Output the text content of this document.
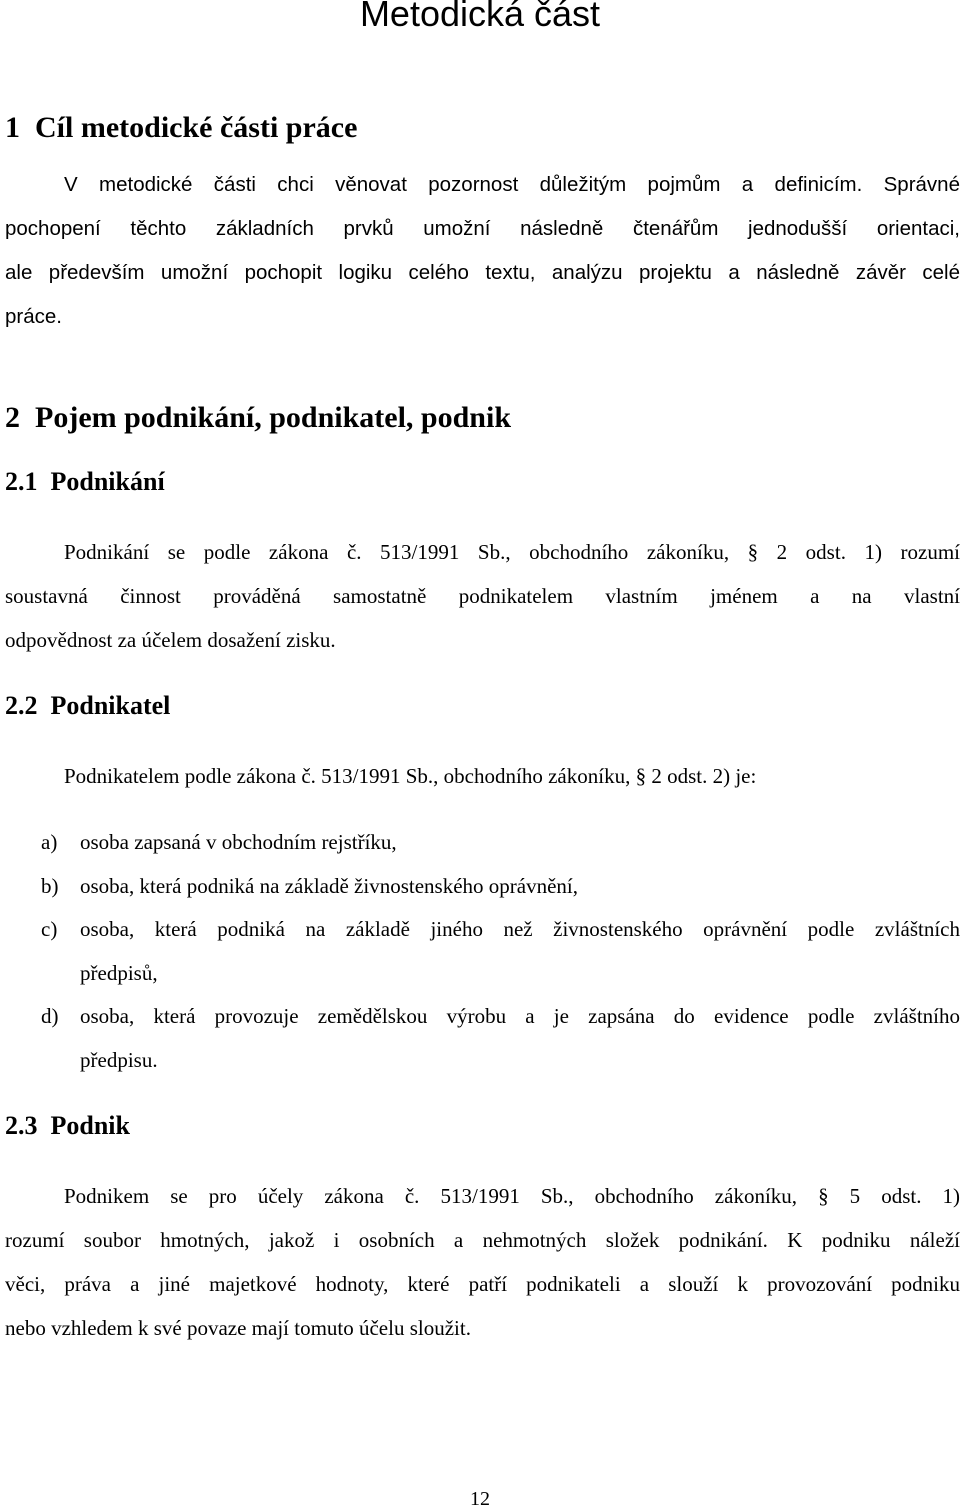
Metodická část
1 Cíl metodické části práce
V metodické části chci věnovat pozornost důležitým pojmům a definicím. Správné
pochopení těchto základních prvků umožní následně čtenářům jednodušší orientaci,
ale především umožní pochopit logiku celého textu, analýzu projektu a následně závěr celé
práce.
2 Pojem podnikání, podnikatel, podnik
2.1 Podnikání
Podnikání se podle zákona č. 513/1991 Sb., obchodního zákoníku, § 2 odst. 1) rozumí
soustavná činnost prováděná samostatně podnikatelem vlastním jménem a na vlastní
odpovědnost za účelem dosažení zisku.
2.2 Podnikatel
Podnikatelem podle zákona č. 513/1991 Sb., obchodního zákoníku, § 2 odst. 2) je:
a) osoba zapsaná v obchodním rejstříku,
b) osoba, která podniká na základě živnostenského oprávnění,
c) osoba, která podniká na základě jiného než živnostenského oprávnění podle zvláštních
předpisů,
d) osoba, která provozuje zemědělskou výrobu a je zapsána do evidence podle zvláštního
předpisu.
2.3 Podnik
Podnikem se pro účely zákona č. 513/1991 Sb., obchodního zákoníku, § 5 odst. 1)
rozumí soubor hmotných, jakož i osobních a nehmotných složek podnikání. K podniku náleží
věci, práva a jiné majetkové hodnoty, které patří podnikateli a slouží k provozování podniku
nebo vzhledem k své povaze mají tomuto účelu sloužit.
12
